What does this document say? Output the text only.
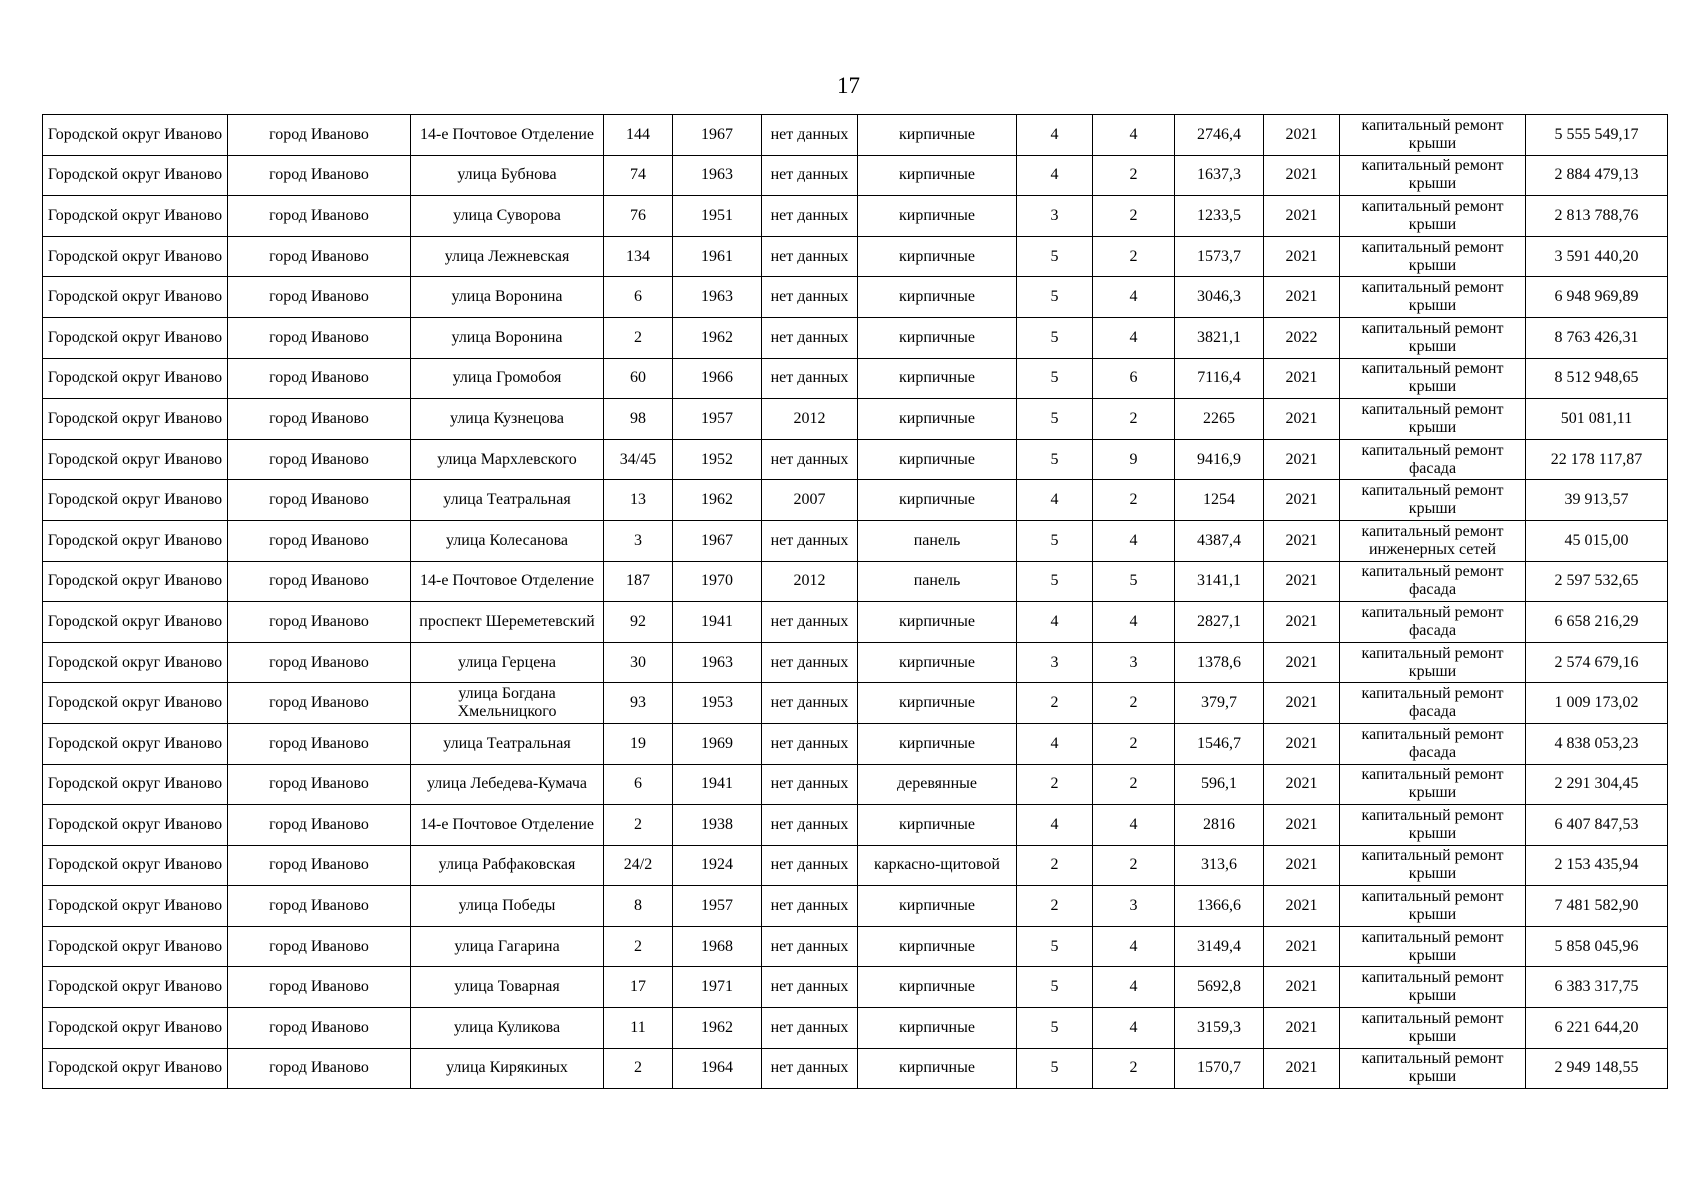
17
Городской округ Иваново	город Иваново	14-е Почтовое Отделение	144	1967	нет данных	кирпичные	4	4	2746,4	2021	капитальный ремонт крыши	5 555 549,17
Городской округ Иваново	город Иваново	улица Бубнова	74	1963	нет данных	кирпичные	4	2	1637,3	2021	капитальный ремонт крыши	2 884 479,13
Городской округ Иваново	город Иваново	улица Суворова	76	1951	нет данных	кирпичные	3	2	1233,5	2021	капитальный ремонт крыши	2 813 788,76
Городской округ Иваново	город Иваново	улица Лежневская	134	1961	нет данных	кирпичные	5	2	1573,7	2021	капитальный ремонт крыши	3 591 440,20
Городской округ Иваново	город Иваново	улица Воронина	6	1963	нет данных	кирпичные	5	4	3046,3	2021	капитальный ремонт крыши	6 948 969,89
Городской округ Иваново	город Иваново	улица Воронина	2	1962	нет данных	кирпичные	5	4	3821,1	2022	капитальный ремонт крыши	8 763 426,31
Городской округ Иваново	город Иваново	улица Громобоя	60	1966	нет данных	кирпичные	5	6	7116,4	2021	капитальный ремонт крыши	8 512 948,65
Городской округ Иваново	город Иваново	улица Кузнецова	98	1957	2012	кирпичные	5	2	2265	2021	капитальный ремонт крыши	501 081,11
Городской округ Иваново	город Иваново	улица Мархлевского	34/45	1952	нет данных	кирпичные	5	9	9416,9	2021	капитальный ремонт фасада	22 178 117,87
Городской округ Иваново	город Иваново	улица Театральная	13	1962	2007	кирпичные	4	2	1254	2021	капитальный ремонт крыши	39 913,57
Городской округ Иваново	город Иваново	улица Колесанова	3	1967	нет данных	панель	5	4	4387,4	2021	капитальный ремонт инженерных сетей	45 015,00
Городской округ Иваново	город Иваново	14-е Почтовое Отделение	187	1970	2012	панель	5	5	3141,1	2021	капитальный ремонт фасада	2 597 532,65
Городской округ Иваново	город Иваново	проспект Шереметевский	92	1941	нет данных	кирпичные	4	4	2827,1	2021	капитальный ремонт фасада	6 658 216,29
Городской округ Иваново	город Иваново	улица Герцена	30	1963	нет данных	кирпичные	3	3	1378,6	2021	капитальный ремонт крыши	2 574 679,16
Городской округ Иваново	город Иваново	улица Богдана Хмельницкого	93	1953	нет данных	кирпичные	2	2	379,7	2021	капитальный ремонт фасада	1 009 173,02
Городской округ Иваново	город Иваново	улица Театральная	19	1969	нет данных	кирпичные	4	2	1546,7	2021	капитальный ремонт фасада	4 838 053,23
Городской округ Иваново	город Иваново	улица Лебедева-Кумача	6	1941	нет данных	деревянные	2	2	596,1	2021	капитальный ремонт крыши	2 291 304,45
Городской округ Иваново	город Иваново	14-е Почтовое Отделение	2	1938	нет данных	кирпичные	4	4	2816	2021	капитальный ремонт крыши	6 407 847,53
Городской округ Иваново	город Иваново	улица Рабфаковская	24/2	1924	нет данных	каркасно-щитовой	2	2	313,6	2021	капитальный ремонт крыши	2 153 435,94
Городской округ Иваново	город Иваново	улица Победы	8	1957	нет данных	кирпичные	2	3	1366,6	2021	капитальный ремонт крыши	7 481 582,90
Городской округ Иваново	город Иваново	улица Гагарина	2	1968	нет данных	кирпичные	5	4	3149,4	2021	капитальный ремонт крыши	5 858 045,96
Городской округ Иваново	город Иваново	улица Товарная	17	1971	нет данных	кирпичные	5	4	5692,8	2021	капитальный ремонт крыши	6 383 317,75
Городской округ Иваново	город Иваново	улица Куликова	11	1962	нет данных	кирпичные	5	4	3159,3	2021	капитальный ремонт крыши	6 221 644,20
Городской округ Иваново	город Иваново	улица Кирякиных	2	1964	нет данных	кирпичные	5	2	1570,7	2021	капитальный ремонт крыши	2 949 148,55
